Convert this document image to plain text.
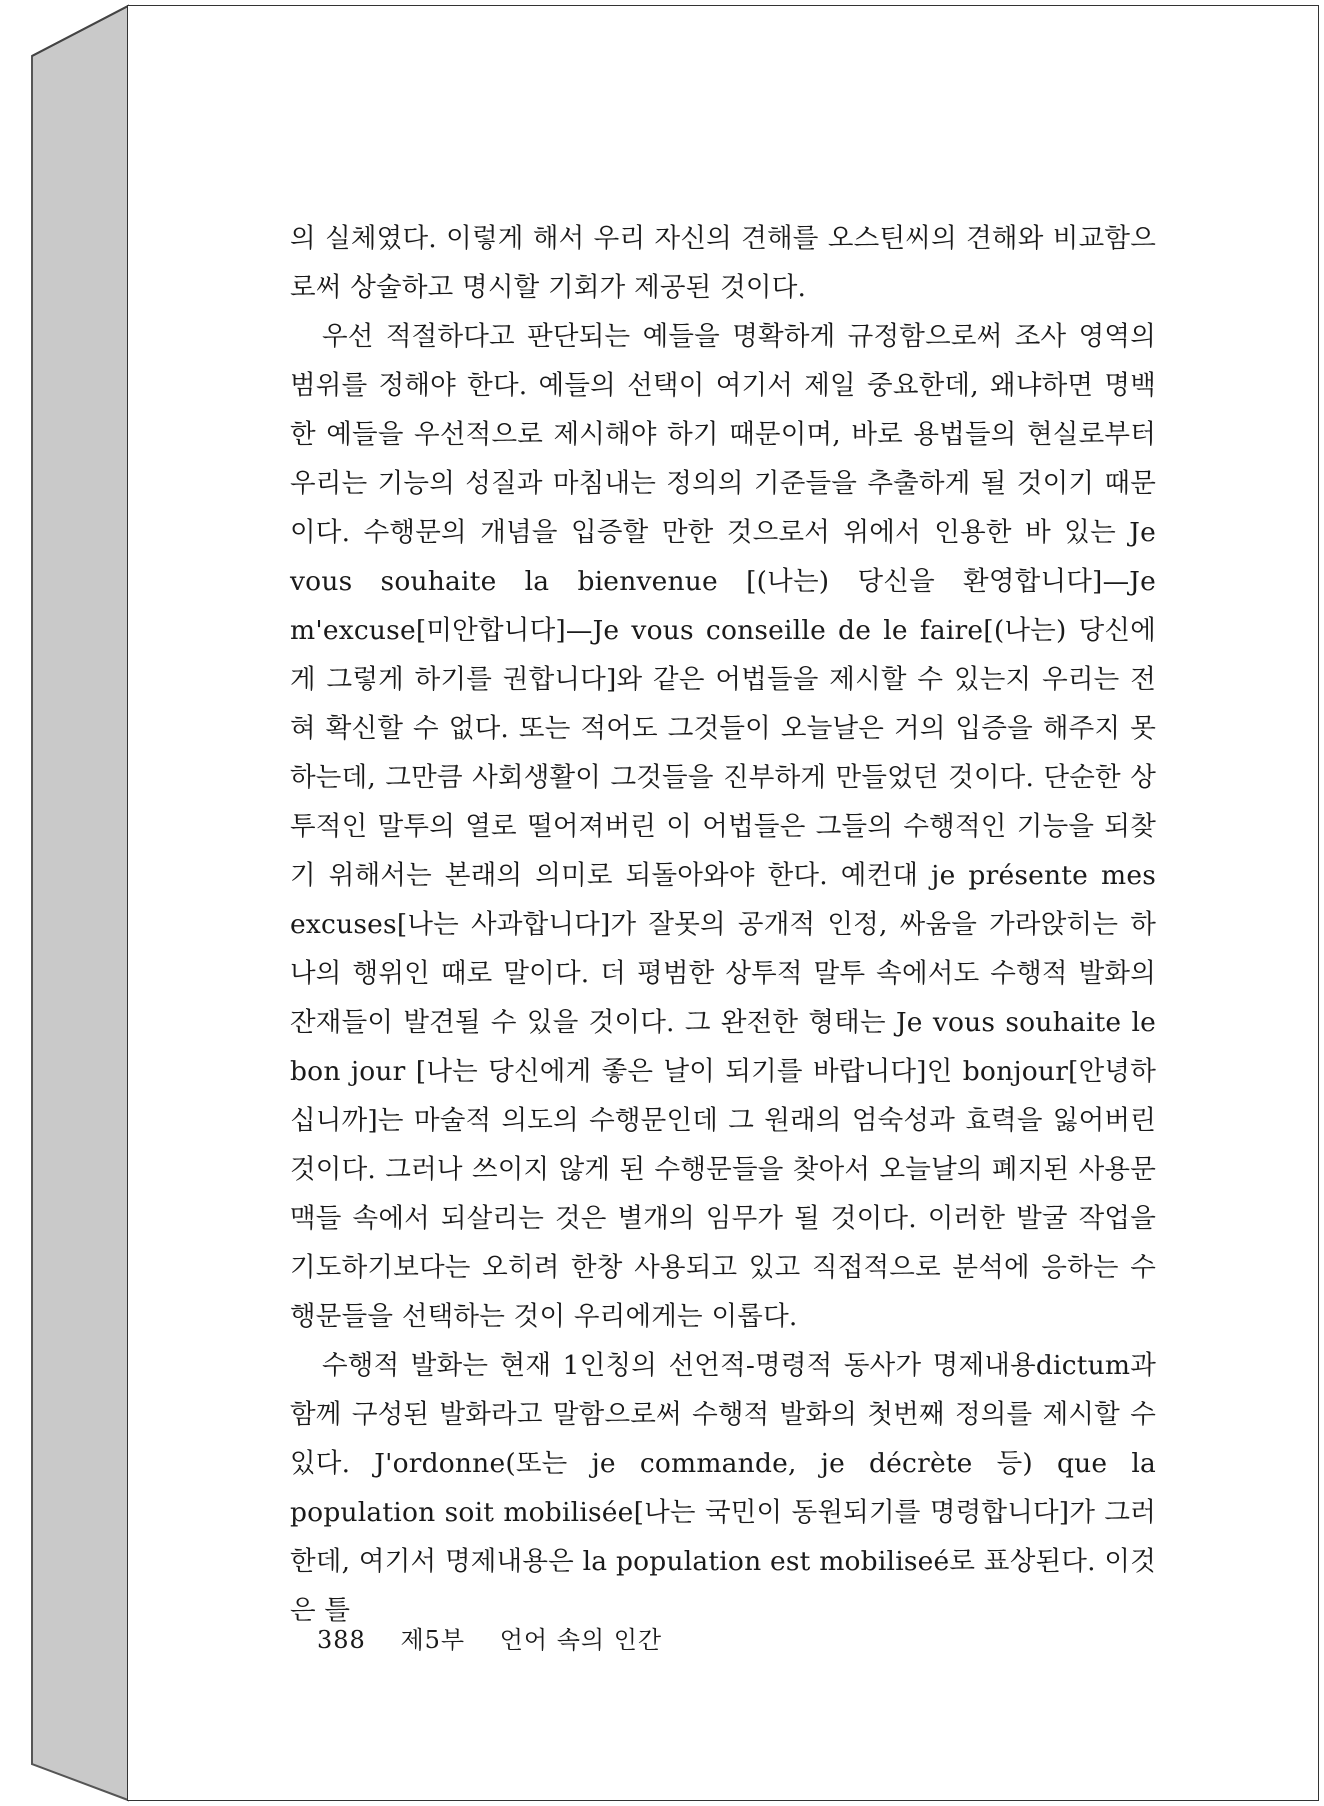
의 실체였다. 이렇게 해서 우리 자신의 견해를 오스틴씨의 견해와 비교함으로써 상술하고 명시할 기회가 제공된 것이다.

우선 적절하다고 판단되는 예들을 명확하게 규정함으로써 조사 영역의 범위를 정해야 한다. 예들의 선택이 여기서 제일 중요한데, 왜냐하면 명백한 예들을 우선적으로 제시해야 하기 때문이며, 바로 용법들의 현실로부터 우리는 기능의 성질과 마침내는 정의의 기준들을 추출하게 될 것이기 때문이다. 수행문의 개념을 입증할 만한 것으로서 위에서 인용한 바 있는 Je vous souhaite la bienvenue [(나는) 당신을 환영합니다]—Je m'excuse[미안합니다]—Je vous conseille de le faire[(나는) 당신에게 그렇게 하기를 권합니다]와 같은 어법들을 제시할 수 있는지 우리는 전혀 확신할 수 없다. 또는 적어도 그것들이 오늘날은 거의 입증을 해주지 못하는데, 그만큼 사회생활이 그것들을 진부하게 만들었던 것이다. 단순한 상투적인 말투의 열로 떨어져버린 이 어법들은 그들의 수행적인 기능을 되찾기 위해서는 본래의 의미로 되돌아와야 한다. 예컨대 je présente mes excuses[나는 사과합니다]가 잘못의 공개적 인정, 싸움을 가라앉히는 하나의 행위인 때로 말이다. 더 평범한 상투적 말투 속에서도 수행적 발화의 잔재들이 발견될 수 있을 것이다. 그 완전한 형태는 Je vous souhaite le bon jour [나는 당신에게 좋은 날이 되기를 바랍니다]인 bonjour[안녕하십니까]는 마술적 의도의 수행문인데 그 원래의 엄숙성과 효력을 잃어버린 것이다. 그러나 쓰이지 않게 된 수행문들을 찾아서 오늘날의 폐지된 사용문맥들 속에서 되살리는 것은 별개의 임무가 될 것이다. 이러한 발굴 작업을 기도하기보다는 오히려 한창 사용되고 있고 직접적으로 분석에 응하는 수행문들을 선택하는 것이 우리에게는 이롭다.

수행적 발화는 현재 1인칭의 선언적-명령적 동사가 명제내용dictum과 함께 구성된 발화라고 말함으로써 수행적 발화의 첫번째 정의를 제시할 수 있다. J'ordonne(또는 je commande, je décrète 등) que la population soit mobilisée[나는 국민이 동원되기를 명령합니다]가 그러한데, 여기서 명제내용은 la population est mobiliseé로 표상된다. 이것은 틀

388 제5부 언어 속의 인간
